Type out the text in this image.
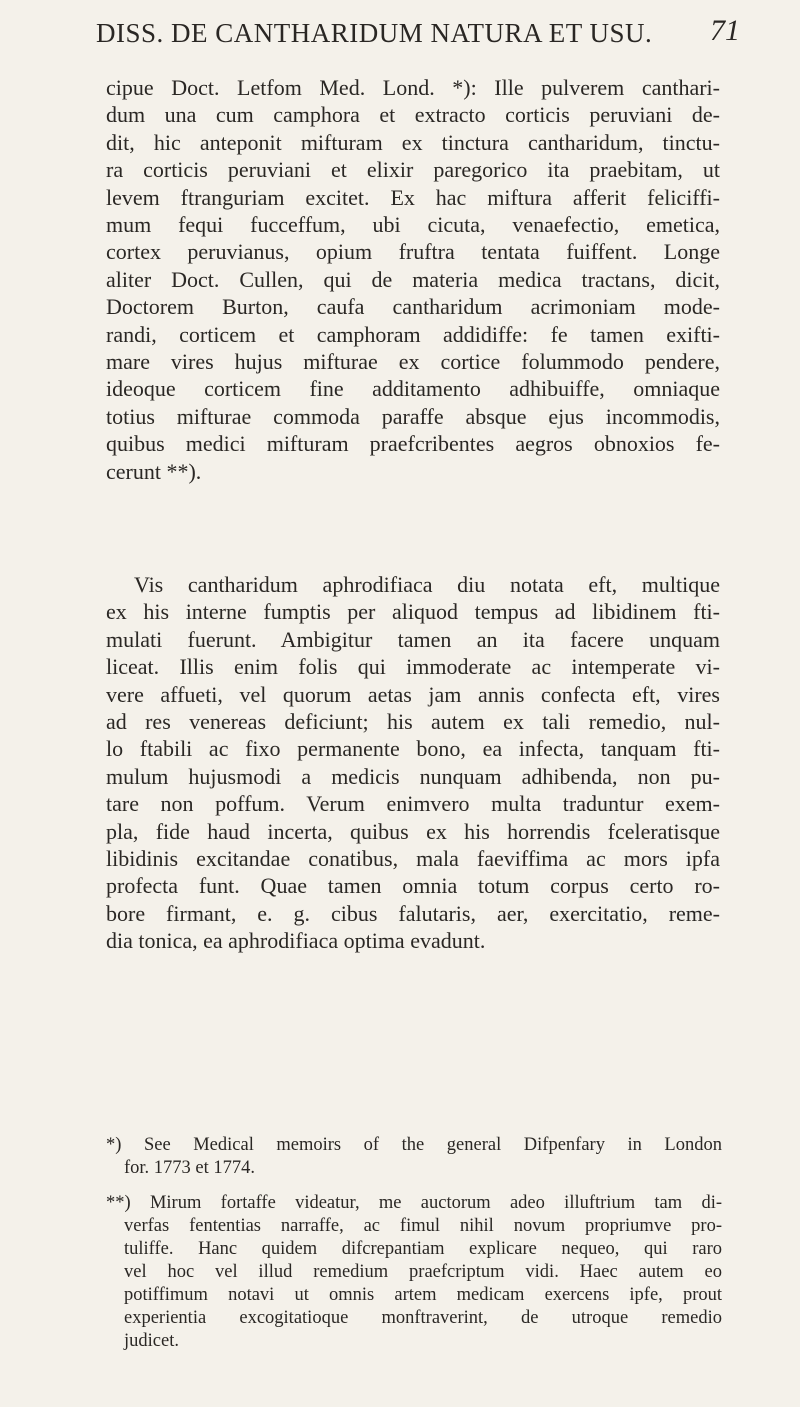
DISS. DE CANTHARIDUM NATURA ET USU. 71
cipue Doct. Letfom Med. Lond. *): Ille pulverem canthari-
dum una cum camphora et extracto corticis peruviani de-
dit, hic anteponit mifturam ex tinctura cantharidum, tinctu-
ra corticis peruviani et elixir paregorico ita praebitam, ut
levem ftranguriam excitet. Ex hac miftura afferit feliciffi-
mum fequi fucceffum, ubi cicuta, venaefectio, emetica,
cortex peruvianus, opium fruftra tentata fuiffent. Longe
aliter Doct. Cullen, qui de materia medica tractans, dicit,
Doctorem Burton, caufa cantharidum acrimoniam mode-
randi, corticem et camphoram addidiffe: fe tamen exifti-
mare vires hujus mifturae ex cortice folummodo pendere,
ideoque corticem fine additamento adhibuiffe, omniaque
totius mifturae commoda paraffe absque ejus incommodis,
quibus medici mifturam praefcribentes aegros obnoxios fe-
cerunt **).
Vis cantharidum aphrodifiaca diu notata eft, multique
ex his interne fumptis per aliquod tempus ad libidinem fti-
mulati fuerunt. Ambigitur tamen an ita facere unquam
liceat. Illis enim folis qui immoderate ac intemperate vi-
vere affueti, vel quorum aetas jam annis confecta eft, vires
ad res venereas deficiunt; his autem ex tali remedio, nul-
lo ftabili ac fixo permanente bono, ea infecta, tanquam fti-
mulum hujusmodi a medicis nunquam adhibenda, non pu-
tare non poffum. Verum enimvero multa traduntur exem-
pla, fide haud incerta, quibus ex his horrendis fceleratisque
libidinis excitandae conatibus, mala faeviffima ac mors ipfa
profecta funt. Quae tamen omnia totum corpus certo ro-
bore firmant, e. g. cibus falutaris, aer, exercitatio, reme-
dia tonica, ea aphrodifiaca optima evadunt.
*) See Medical memoirs of the general Difpenfary in London
for. 1773 et 1774.
**) Mirum fortaffe videatur, me auctorum adeo illuftrium tam di-
verfas fententias narraffe, ac fimul nihil novum propriumve pro-
tuliffe. Hanc quidem difcrepantiam explicare nequeo, qui raro
vel hoc vel illud remedium praefcriptum vidi. Haec autem eo
potiffimum notavi ut omnis artem medicam exercens ipfe, prout
experientia excogitatioque monftraverint, de utroque remedio
judicet.
